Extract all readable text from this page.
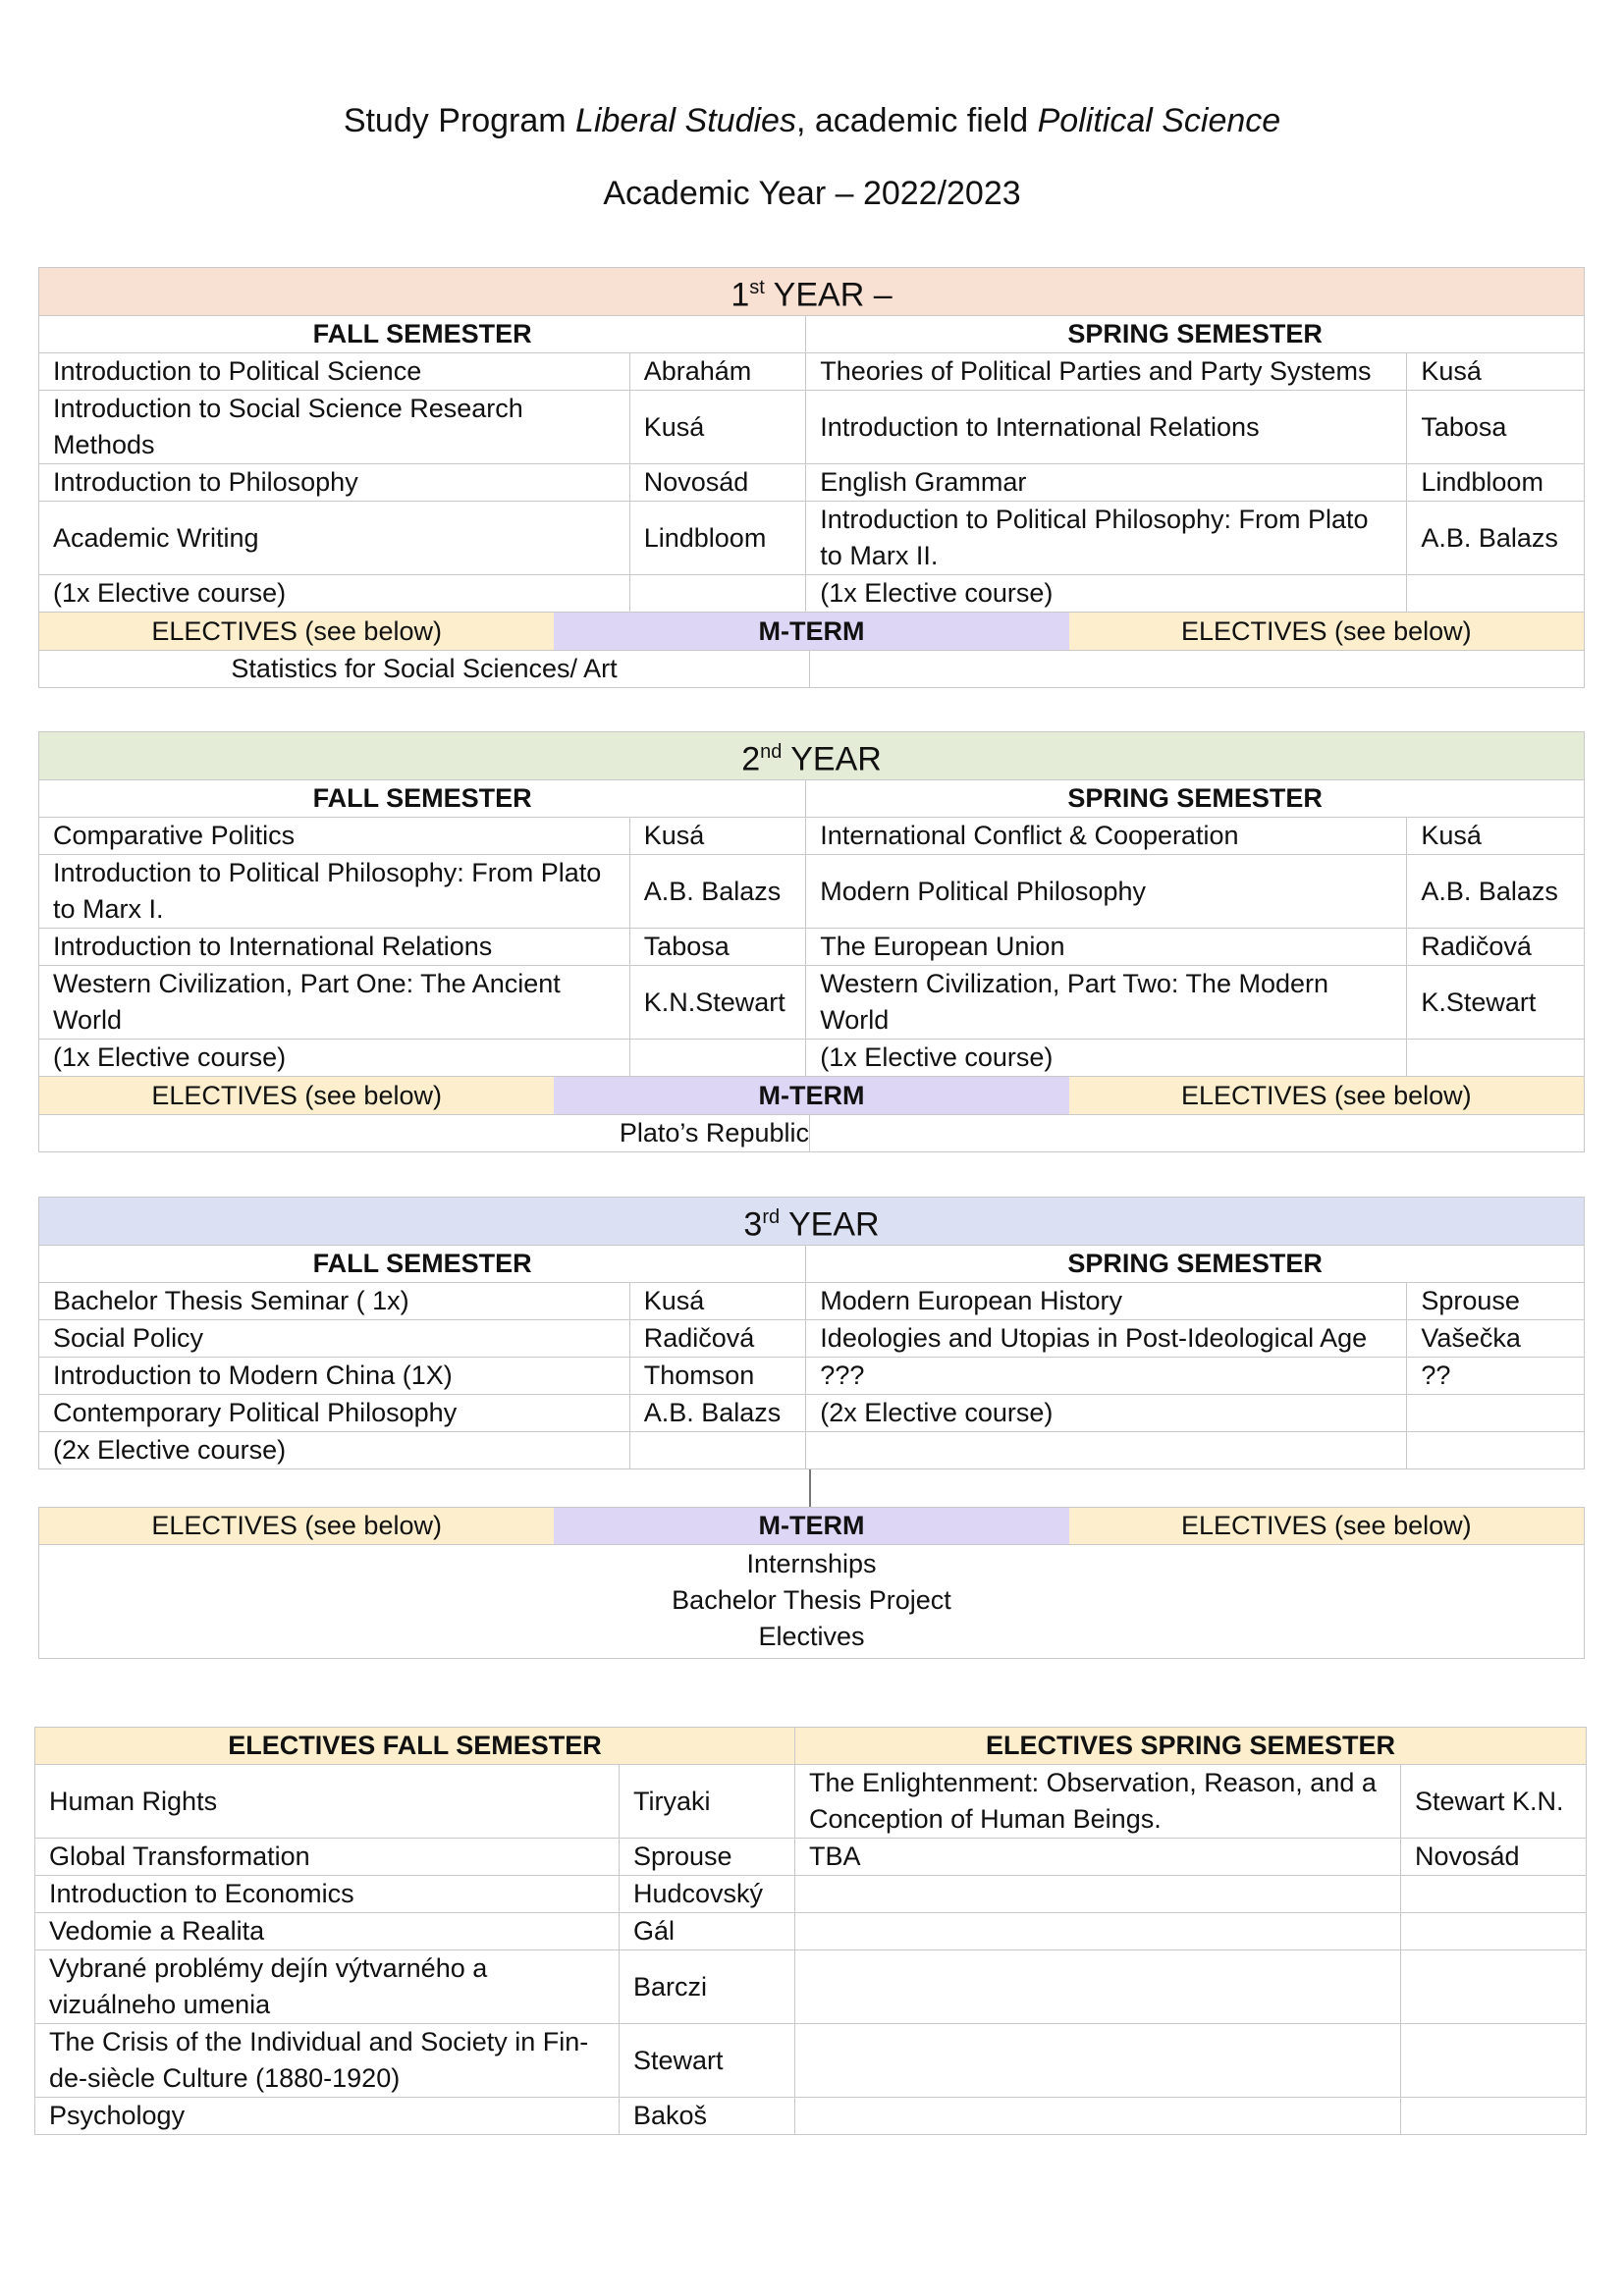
Study Program Liberal Studies, academic field Political Science
Academic Year – 2022/2023
1st YEAR –			
FALL SEMESTER		SPRING SEMESTER	
Introduction to Political Science	Abrahám	Theories of Political Parties and Party Systems	Kusá
Introduction to Social Science Research Methods	Kusá	Introduction to International Relations	Tabosa
Introduction to Philosophy	Novosád	English Grammar	Lindbloom
Academic Writing	Lindbloom	Introduction to Political Philosophy: From Plato to Marx II.	A.B. Balazs
(1x Elective course)		(1x Elective course)	
ELECTIVES (see below)	M-TERM	ELECTIVES (see below)
Statistics for Social Sciences/ Art
2nd YEAR			
FALL SEMESTER		SPRING SEMESTER	
Comparative Politics	Kusá	International Conflict & Cooperation	Kusá
Introduction to Political Philosophy: From Plato to Marx I.	A.B. Balazs	Modern Political Philosophy	A.B. Balazs
Introduction to International Relations	Tabosa	The European Union	Radičová
Western Civilization, Part One: The Ancient World	K.N.Stewart	Western Civilization, Part Two: The Modern World	K.Stewart
(1x Elective course)		(1x Elective course)	
ELECTIVES (see below)	M-TERM	ELECTIVES (see below)
Plato’s Republic
3rd YEAR			
FALL SEMESTER		SPRING SEMESTER	
Bachelor Thesis Seminar ( 1x)	Kusá	Modern European History	Sprouse
Social Policy	Radičová	Ideologies and Utopias in Post-Ideological Age	Vašečka
Introduction to Modern China (1X)	Thomson	???	??
Contemporary Political Philosophy	A.B. Balazs	(2x Elective course)	
(2x Elective course)			
ELECTIVES (see below)	M-TERM	ELECTIVES (see below)
Internships
Bachelor Thesis Project
Electives
ELECTIVES FALL SEMESTER		ELECTIVES SPRING SEMESTER	
Human Rights	Tiryaki	The Enlightenment: Observation, Reason, and a Conception of Human Beings.	Stewart K.N.
Global Transformation	Sprouse	TBA	Novosád
Introduction to Economics	Hudcovský		
Vedomie a Realita	Gál		
Vybrané problémy dejín výtvarného a vizuálneho umenia	Barczi		
The Crisis of the Individual and Society in Fin-de-siècle Culture (1880-1920)	Stewart		
Psychology	Bakoš		
